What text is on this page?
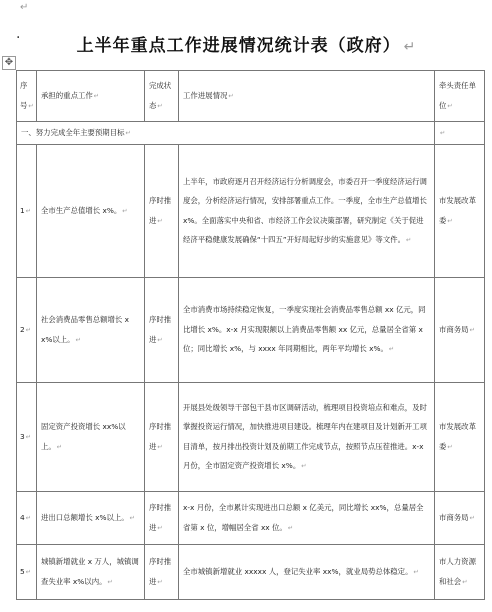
↵
·	上半年重点工作进展情况统计表（政府） ↵
✥
序号↵	承担的重点工作↵	完成状态↵	工作进展情况↵	牵头责任单位↵
一、努力完成全年主要预期目标↵				↵
1↵	全市生产总值增长 x%。↵	序时推进↵	上半年，市政府逐月召开经济运行分析调度会，市委召开一季度经济运行调度会，分析经济运行情况，安排部署重点工作。一季度，全市生产总值增长 x%。全面落实中央和省、市经济工作会议决策部署，研究制定《关于促进经济平稳健康发展确保“十四五”开好局起好步的实施意见》等文件。↵	市发展改革委↵
2↵	社会消费品零售总额增长 xx%以上。↵	序时推进↵	全市消费市场持续稳定恢复，一季度实现社会消费品零售总额 xx 亿元，同比增长 x%。x-x 月实现限额以上消费品零售额 xx 亿元，总量居全省第 x 位；同比增长 x%，与 xxxx 年同期相比，两年平均增长 x%。↵	市商务局↵
3↵	固定资产投资增长 xx%以上。↵	序时推进↵	开展县处级领导干部包干县市区调研活动，梳理项目投资培点和难点，及时掌握投资运行情况，加快推进项目建设。梳理年内在建项目及计划新开工项目清单，按月排出投资计划及前期工作完成节点，按照节点压茬推进。x-x 月份，全市固定资产投资增长 x%。↵	市发展改革委↵
4↵	进出口总额增长 x%以上。↵	序时推进↵	x-x 月份，全市累计实现进出口总额 x 亿美元，同比增长 xx%，总量居全省第 x 位，增幅居全省 xx 位。↵	市商务局↵
5↵	城镇新增就业 x 万人，城镇调查失业率 x%以内。↵	序时推进↵	全市城镇新增就业 xxxxx 人，登记失业率 xx%，就业局势总体稳定。↵	市人力资源和社会↵
